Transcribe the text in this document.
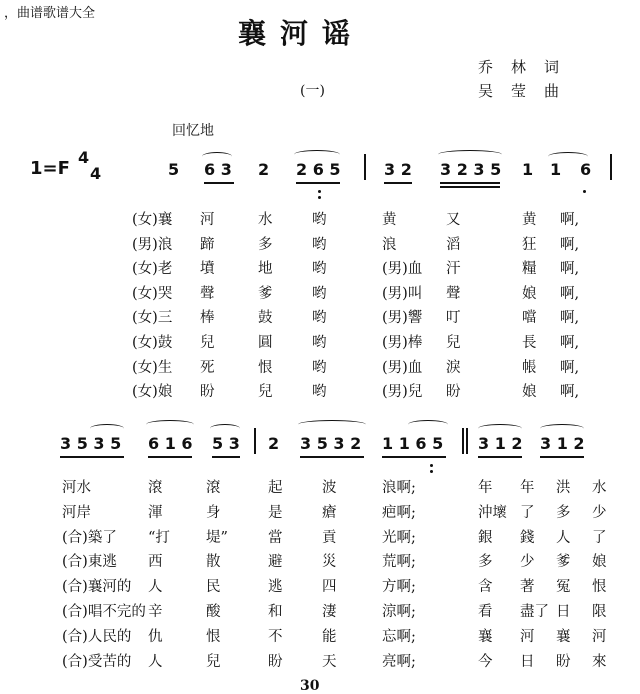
，曲谱歌谱大全
襄河谣
乔林词
吴莹曲
(一)
回忆地
1=F
4
4	5 6 3 2 2 6 5	3 2 3 2 3 5 1 1 6
(女)襄 河	水	哟	黄	又	黄 啊,
(男)浪 蹄	多	哟	浪	滔	狂 啊,
(女)老 墳	地	哟	(男)血 汗	糧 啊,
(女)哭 聲	爹	哟	(男)叫 聲	娘 啊,
(女)三 棒	鼓	哟	(男)響 叮	噹 啊,
(女)鼓 兒	圓	哟	(男)棒 兒	長 啊,
(女)生 死	恨	哟	(男)血 淚	帳 啊,
(女)娘 盼	兒	哟	(男)兒 盼	娘 啊,
3 5 3 5 6 1 6 5 3 2 3 5 3 2 1 1 6 5 3 1 2 3 1 2
河水	滾	滾	起	波	浪啊;	年 年 洪 水
河岸	渾	身	是	瘡	疤啊;	沖壞 了 多 少
(合)築了 “打 堤”	當	貢	光啊;	銀 錢 人 了
(合)東逃 西	散	避	災	荒啊;	多 少 爹 娘
(合)襄河的 人	民	逃	四	方啊;	含 著 冤 恨
(合)唱不完的 辛	酸	和	淒	涼啊;	看 盡了 日 限
(合)人民的 仇	恨	不	能	忘啊;	襄 河 襄 河
(合)受苦的 人	兒	盼	天	亮啊;	今 日 盼 來
30
